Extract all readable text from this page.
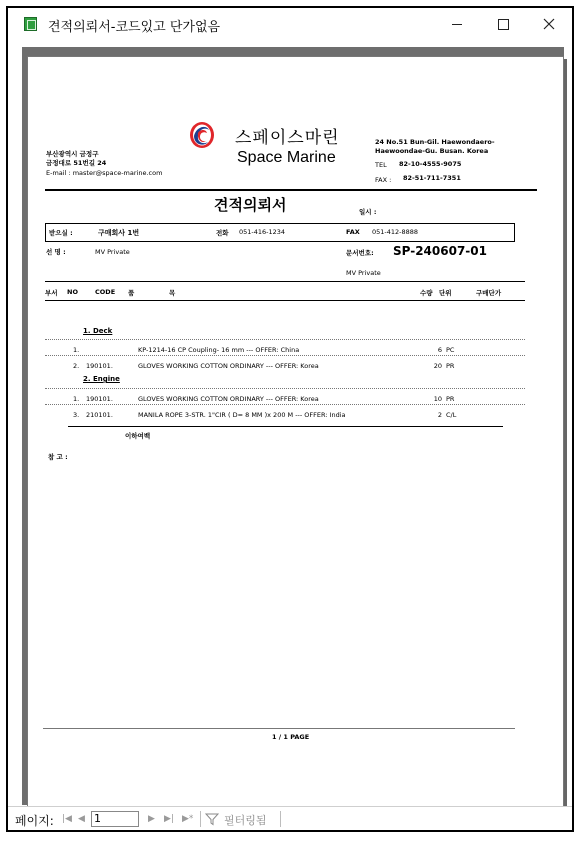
견적의뢰서-코드있고 단가없음
부산광역시 금정구
금정대로 51번길 24
E-mail : master@space-marine.com
스페이스마린
Space Marine
24 No.51 Bun-Gil. Haewondaero-
Haewoondae-Gu. Busan. Korea
TEL 82-10-4555-9075
FAX : 82-51-711-7351
견적의뢰서	일시 :
받으실 :	구매회사 1번	전화 051-416-1234	FAX 051-412-8888
선 명 :	MV Private	문서번호: SP-240607-01
MV Private
부서 NO	CODE 품	목	수량 단위	구매단가
1. Deck
1.	KP-1214-16 CP Coupling- 16 mm --- OFFER: China	6 PC
2. 190101.	GLOVES WORKING COTTON ORDINARY --- OFFER: Korea	20 PR
2. Engine
1. 190101.	GLOVES WORKING COTTON ORDINARY --- OFFER: Korea	10 PR
3. 210101.	MANILA ROPE 3-STR. 1"CIR ( D= 8 MM )x 200 M --- OFFER: India	2 C/L
이하여백
참 고 :
1 / 1 PAGE
페이지: |◀ ◀ 1	▶ ▶| ▶*	필터링됨
